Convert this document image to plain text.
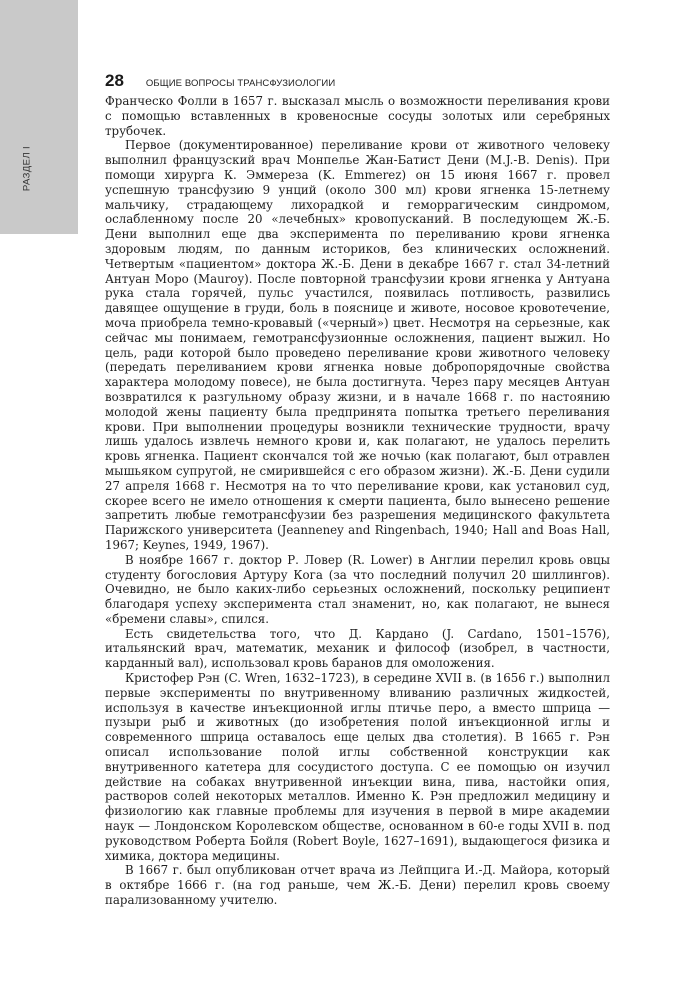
РАЗДЕЛ I
28 ОБЩИЕ ВОПРОСЫ ТРАНСФУЗИОЛОГИИ

Франческо Фолли в 1657 г. высказал мысль о возможности переливания крови с помощью вставленных в кровеносные сосуды золотых или серебряных трубочек.

Первое (документированное) переливание крови от животного человеку выполнил французский врач Монпелье Жан-Батист Дени (M.J.-B. Denis). При помощи хирурга К. Эммереза (K. Emmerez) он 15 июня 1667 г. провел успешную трансфузию 9 унций (около 300 мл) крови ягненка 15-летнему мальчику, страдающему лихорадкой и геморрагическим синдромом, ослабленному после 20 «лечебных» кровопусканий. В последующем Ж.-Б. Дени выполнил еще два эксперимента по переливанию крови ягненка здоровым людям, по данным историков, без клинических осложнений. Четвертым «пациентом» доктора Ж.-Б. Дени в декабре 1667 г. стал 34-летний Антуан Моро (Mauroy). После повторной трансфузии крови ягненка у Антуана рука стала горячей, пульс участился, появилась потливость, развились давящее ощущение в груди, боль в пояснице и животе, носовое кровотечение, моча приобрела темно-кровавый («черный») цвет. Несмотря на серьезные, как сейчас мы понимаем, гемотрансфузионные осложнения, пациент выжил. Но цель, ради которой было проведено переливание крови животного человеку (передать переливанием крови ягненка новые добропорядочные свойства характера молодому повесе), не была достигнута. Через пару месяцев Антуан возвратился к разгульному образу жизни, и в начале 1668 г. по настоянию молодой жены пациенту была предпринята попытка третьего переливания крови. При выполнении процедуры возникли технические трудности, врачу лишь удалось извлечь немного крови и, как полагают, не удалось перелить кровь ягненка. Пациент скончался той же ночью (как полагают, был отравлен мышьяком супругой, не смирившейся с его образом жизни). Ж.-Б. Дени судили 27 апреля 1668 г. Несмотря на то что переливание крови, как установил суд, скорее всего не имело отношения к смерти пациента, было вынесено решение запретить любые гемотрансфузии без разрешения медицинского факультета Парижского университета (Jeanneney and Ringenbach, 1940; Hall and Boas Hall, 1967; Keynes, 1949, 1967).

В ноябре 1667 г. доктор Р. Ловер (R. Lower) в Англии перелил кровь овцы студенту богословия Артуру Кога (за что последний получил 20 шиллингов). Очевидно, не было каких-либо серьезных осложнений, поскольку реципиент благодаря успеху эксперимента стал знаменит, но, как полагают, не вынеся «бремени славы», спился.

Есть свидетельства того, что Д. Кардано (J. Cardano, 1501–1576), итальянский врач, математик, механик и философ (изобрел, в частности, карданный вал), использовал кровь баранов для омоложения.

Кристофер Рэн (C. Wren, 1632–1723), в середине XVII в. (в 1656 г.) выполнил первые эксперименты по внутривенному вливанию различных жидкостей, используя в качестве инъекционной иглы птичье перо, а вместо шприца — пузыри рыб и животных (до изобретения полой инъекционной иглы и современного шприца оставалось еще целых два столетия). В 1665 г. Рэн описал использование полой иглы собственной конструкции как внутривенного катетера для сосудистого доступа. С ее помощью он изучил действие на собаках внутривенной инъекции вина, пива, настойки опия, растворов солей некоторых металлов. Именно К. Рэн предложил медицину и физиологию как главные проблемы для изучения в первой в мире академии наук — Лондонском Королевском обществе, основанном в 60-е годы XVII в. под руководством Роберта Бойля (Robert Boyle, 1627–1691), выдающегося физика и химика, доктора медицины.

В 1667 г. был опубликован отчет врача из Лейпцига И.-Д. Майора, который в октябре 1666 г. (на год раньше, чем Ж.-Б. Дени) перелил кровь своему парализованному учителю.
